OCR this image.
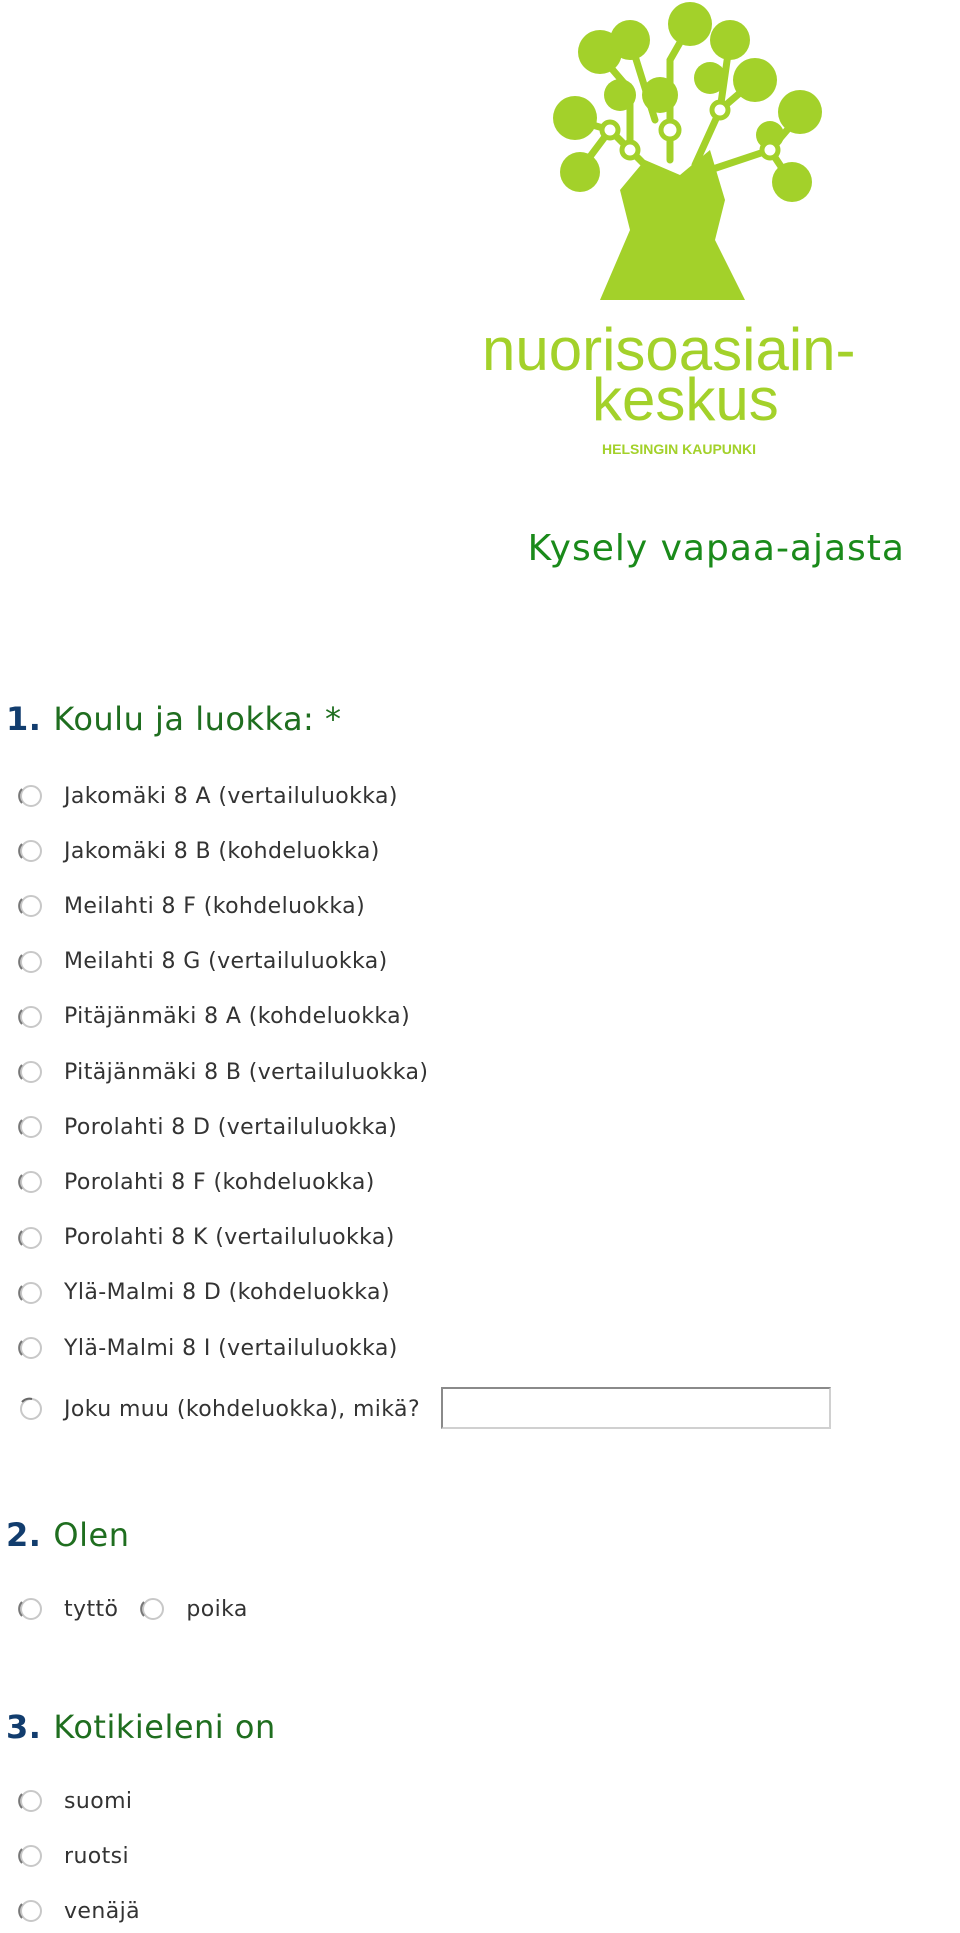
nuorisoasiain-
keskus
HELSINGIN KAUPUNKI
Kysely vapaa-ajasta
1. Koulu ja luokka: *
Jakomäki 8 A (vertailuluokka)
Jakomäki 8 B (kohdeluokka)
Meilahti 8 F (kohdeluokka)
Meilahti 8 G (vertailuluokka)
Pitäjänmäki 8 A (kohdeluokka)
Pitäjänmäki 8 B (vertailuluokka)
Porolahti 8 D (vertailuluokka)
Porolahti 8 F (kohdeluokka)
Porolahti 8 K (vertailuluokka)
Ylä-Malmi 8 D (kohdeluokka)
Ylä-Malmi 8 I (vertailuluokka)
Joku muu (kohdeluokka), mikä?
2. Olen
tyttö	poika
3. Kotikieleni on
suomi
ruotsi
venäjä
